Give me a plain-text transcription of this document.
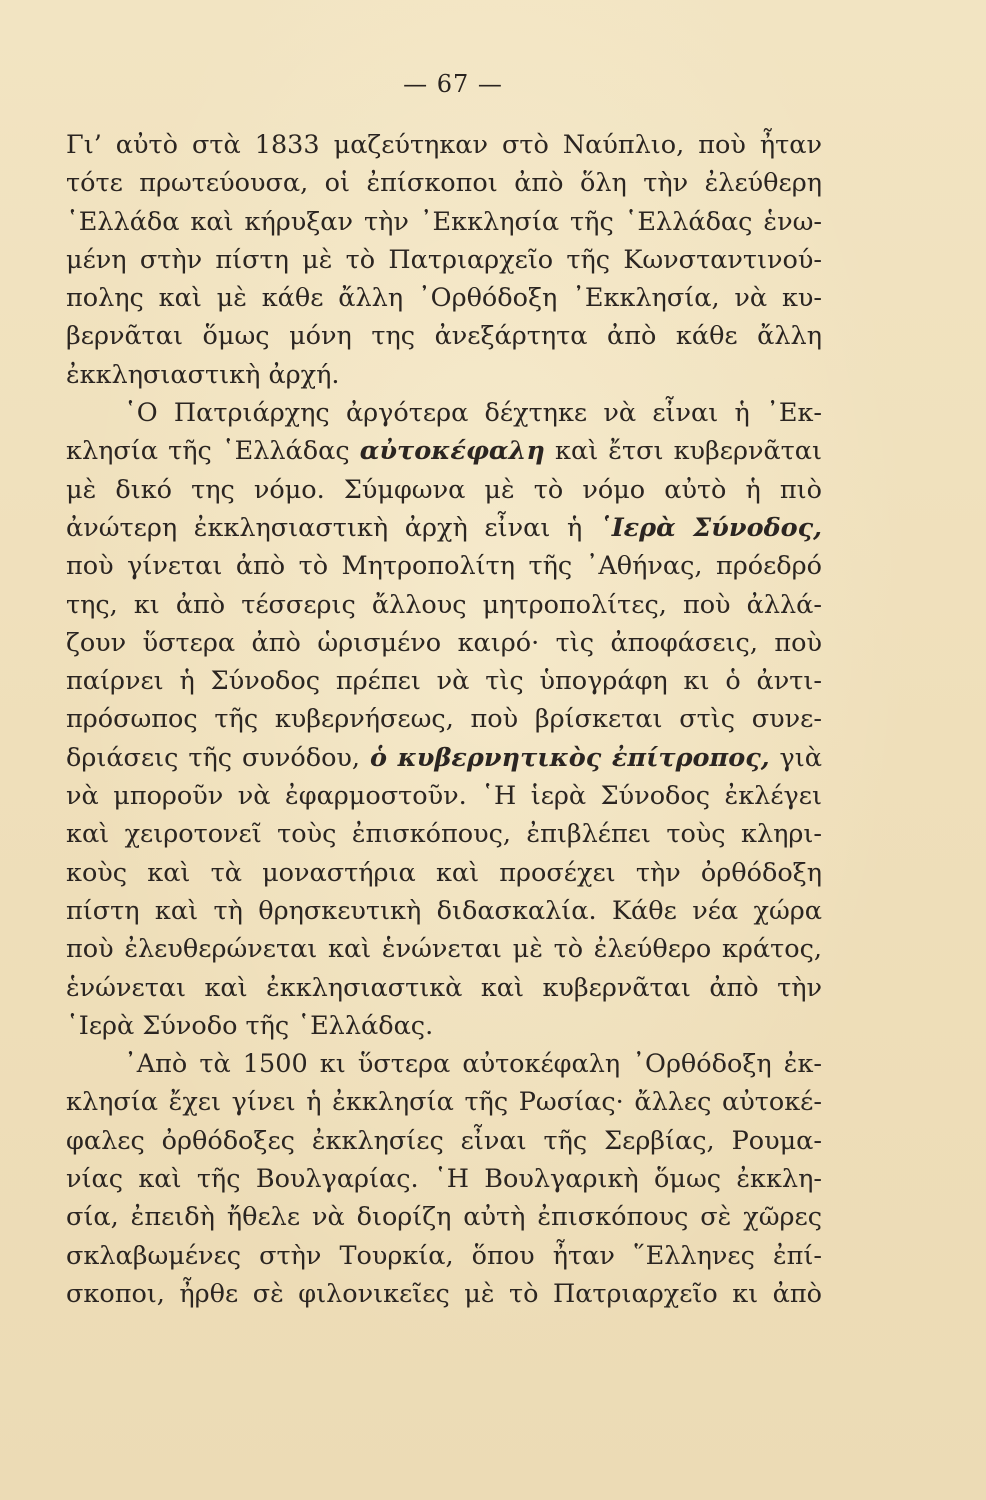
— 67 —
Γι’ αὐτὸ στὰ 1833 μαζεύτηκαν στὸ Ναύπλιο, ποὺ ἦταν
τότε πρωτεύουσα, οἱ ἐπίσκοποι ἀπὸ ὅλη τὴν ἐλεύθερη
῾Ελλάδα καὶ κήρυξαν τὴν ᾿Εκκλησία τῆς ῾Ελλάδας ἑνω-
μένη στὴν πίστη μὲ τὸ Πατριαρχεῖο τῆς Κωνσταντινού-
πολης καὶ μὲ κάθε ἄλλη ᾿Ορθόδοξη ᾿Εκκλησία, νὰ κυ-
βερνᾶται ὅμως μόνη της ἀνεξάρτητα ἀπὸ κάθε ἄλλη
ἐκκλησιαστικὴ ἀρχή.
῾Ο Πατριάρχης ἀργότερα δέχτηκε νὰ εἶναι ἡ ᾿Εκ-
κλησία τῆς ῾Ελλάδας αὐτοκέφαλη καὶ ἔτσι κυβερνᾶται
μὲ δικό της νόμο. Σύμφωνα μὲ τὸ νόμο αὐτὸ ἡ πιὸ
ἀνώτερη ἐκκλησιαστικὴ ἀρχὴ εἶναι ἡ ῾Ιερὰ Σύνοδος,
ποὺ γίνεται ἀπὸ τὸ Μητροπολίτη τῆς ᾿Αθήνας, πρόεδρό
της, κι ἀπὸ τέσσερις ἄλλους μητροπολίτες, ποὺ ἀλλά-
ζουν ὕστερα ἀπὸ ὡρισμένο καιρό· τὶς ἀποφάσεις, ποὺ
παίρνει ἡ Σύνοδος πρέπει νὰ τὶς ὑπογράφη κι ὁ ἀντι-
πρόσωπος τῆς κυβερνήσεως, ποὺ βρίσκεται στὶς συνε-
δριάσεις τῆς συνόδου, ὁ κυβερνητικὸς ἐπίτροπος, γιὰ
νὰ μποροῦν νὰ ἐφαρμοστοῦν. ῾Η ἱερὰ Σύνοδος ἐκλέγει
καὶ χειροτονεῖ τοὺς ἐπισκόπους, ἐπιβλέπει τοὺς κληρι-
κοὺς καὶ τὰ μοναστήρια καὶ προσέχει τὴν ὀρθόδοξη
πίστη καὶ τὴ θρησκευτικὴ διδασκαλία. Κάθε νέα χώρα
ποὺ ἐλευθερώνεται καὶ ἑνώνεται μὲ τὸ ἐλεύθερο κράτος,
ἑνώνεται καὶ ἐκκλησιαστικὰ καὶ κυβερνᾶται ἀπὸ τὴν
῾Ιερὰ Σύνοδο τῆς ῾Ελλάδας.
᾿Απὸ τὰ 1500 κι ὕστερα αὐτοκέφαλη ᾿Ορθόδοξη ἐκ-
κλησία ἔχει γίνει ἡ ἐκκλησία τῆς Ρωσίας· ἄλλες αὐτοκέ-
φαλες ὀρθόδοξες ἐκκλησίες εἶναι τῆς Σερβίας, Ρουμα-
νίας καὶ τῆς Βουλγαρίας. ῾Η Βουλγαρικὴ ὅμως ἐκκλη-
σία, ἐπειδὴ ἤθελε νὰ διορίζη αὐτὴ ἐπισκόπους σὲ χῶρες
σκλαβωμένες στὴν Τουρκία, ὅπου ἦταν ῞Ελληνες ἐπί-
σκοποι, ἦρθε σὲ φιλονικεῖες μὲ τὸ Πατριαρχεῖο κι ἀπὸ
